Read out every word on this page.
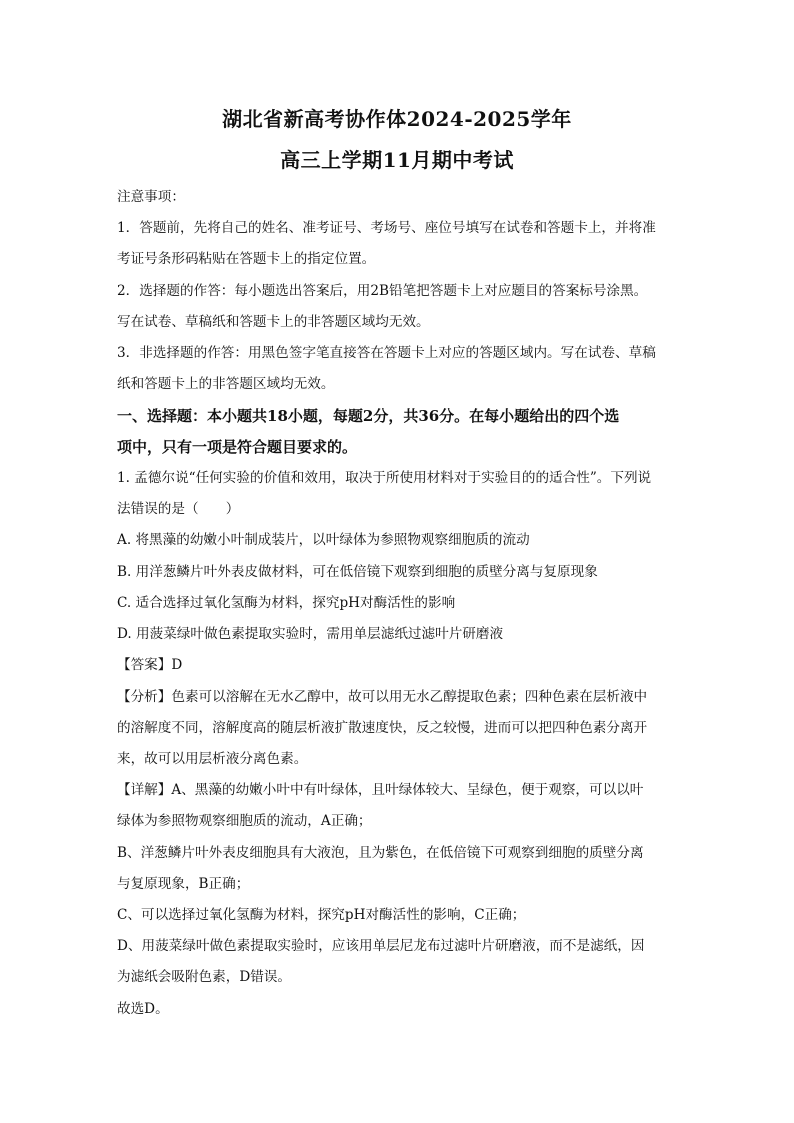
湖北省新高考协作体2024-2025学年
高三上学期11月期中考试
注意事项：
1．答题前，先将自己的姓名、准考证号、考场号、座位号填写在试卷和答题卡上，并将准
考证号条形码粘贴在答题卡上的指定位置。
2．选择题的作答：每小题选出答案后，用2B铅笔把答题卡上对应题目的答案标号涂黑。
写在试卷、草稿纸和答题卡上的非答题区域均无效。
3．非选择题的作答：用黑色签字笔直接答在答题卡上对应的答题区域内。写在试卷、草稿
纸和答题卡上的非答题区域均无效。
一、选择题：本小题共18小题，每题2分，共36分。在每小题给出的四个选
项中，只有一项是符合题目要求的。
1. 孟德尔说“任何实验的价值和效用，取决于所使用材料对于实验目的的适合性”。下列说
法错误的是（　　）
A. 将黑藻的幼嫩小叶制成装片，以叶绿体为参照物观察细胞质的流动
B. 用洋葱鳞片叶外表皮做材料，可在低倍镜下观察到细胞的质壁分离与复原现象
C. 适合选择过氧化氢酶为材料，探究pH对酶活性的影响
D. 用菠菜绿叶做色素提取实验时，需用单层滤纸过滤叶片研磨液
【答案】D
【分析】色素可以溶解在无水乙醇中，故可以用无水乙醇提取色素；四种色素在层析液中
的溶解度不同，溶解度高的随层析液扩散速度快，反之较慢，进而可以把四种色素分离开
来，故可以用层析液分离色素。
【详解】A、黑藻的幼嫩小叶中有叶绿体，且叶绿体较大、呈绿色，便于观察，可以以叶
绿体为参照物观察细胞质的流动，A正确；
B、洋葱鳞片叶外表皮细胞具有大液泡，且为紫色，在低倍镜下可观察到细胞的质壁分离
与复原现象，B正确；
C、可以选择过氧化氢酶为材料，探究pH对酶活性的影响，C正确；
D、用菠菜绿叶做色素提取实验时，应该用单层尼龙布过滤叶片研磨液，而不是滤纸，因
为滤纸会吸附色素，D错误。
故选D。
